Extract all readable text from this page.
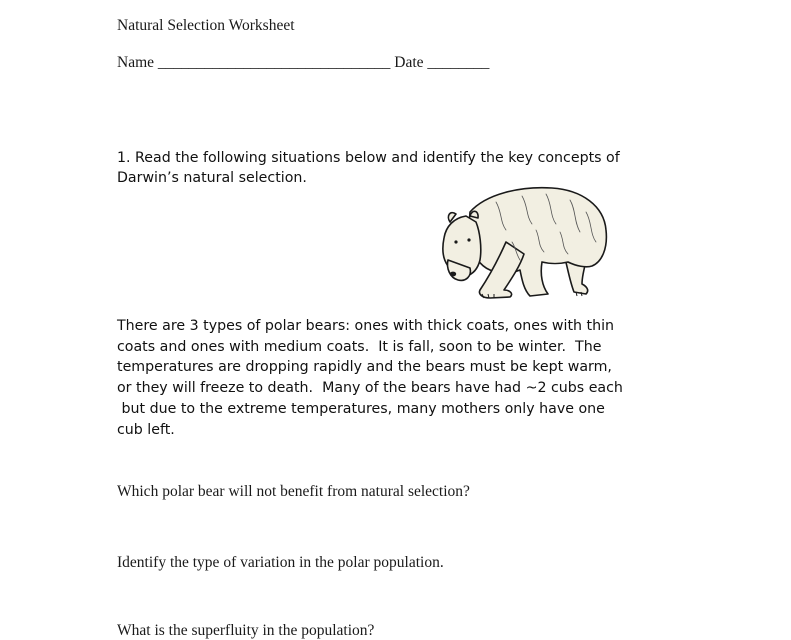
Natural Selection Worksheet
Name ______________________________ Date ________
1. Read the following situations below and identify the key concepts of
Darwin’s natural selection.
There are 3 types of polar bears: ones with thick coats, ones with thin
coats and ones with medium coats.  It is fall, soon to be winter.  The
temperatures are dropping rapidly and the bears must be kept warm,
or they will freeze to death.  Many of the bears have had ~2 cubs each
but due to the extreme temperatures, many mothers only have one
cub left.
Which polar bear will not benefit from natural selection?
Identify the type of variation in the polar population.
What is the superfluity in the population?
